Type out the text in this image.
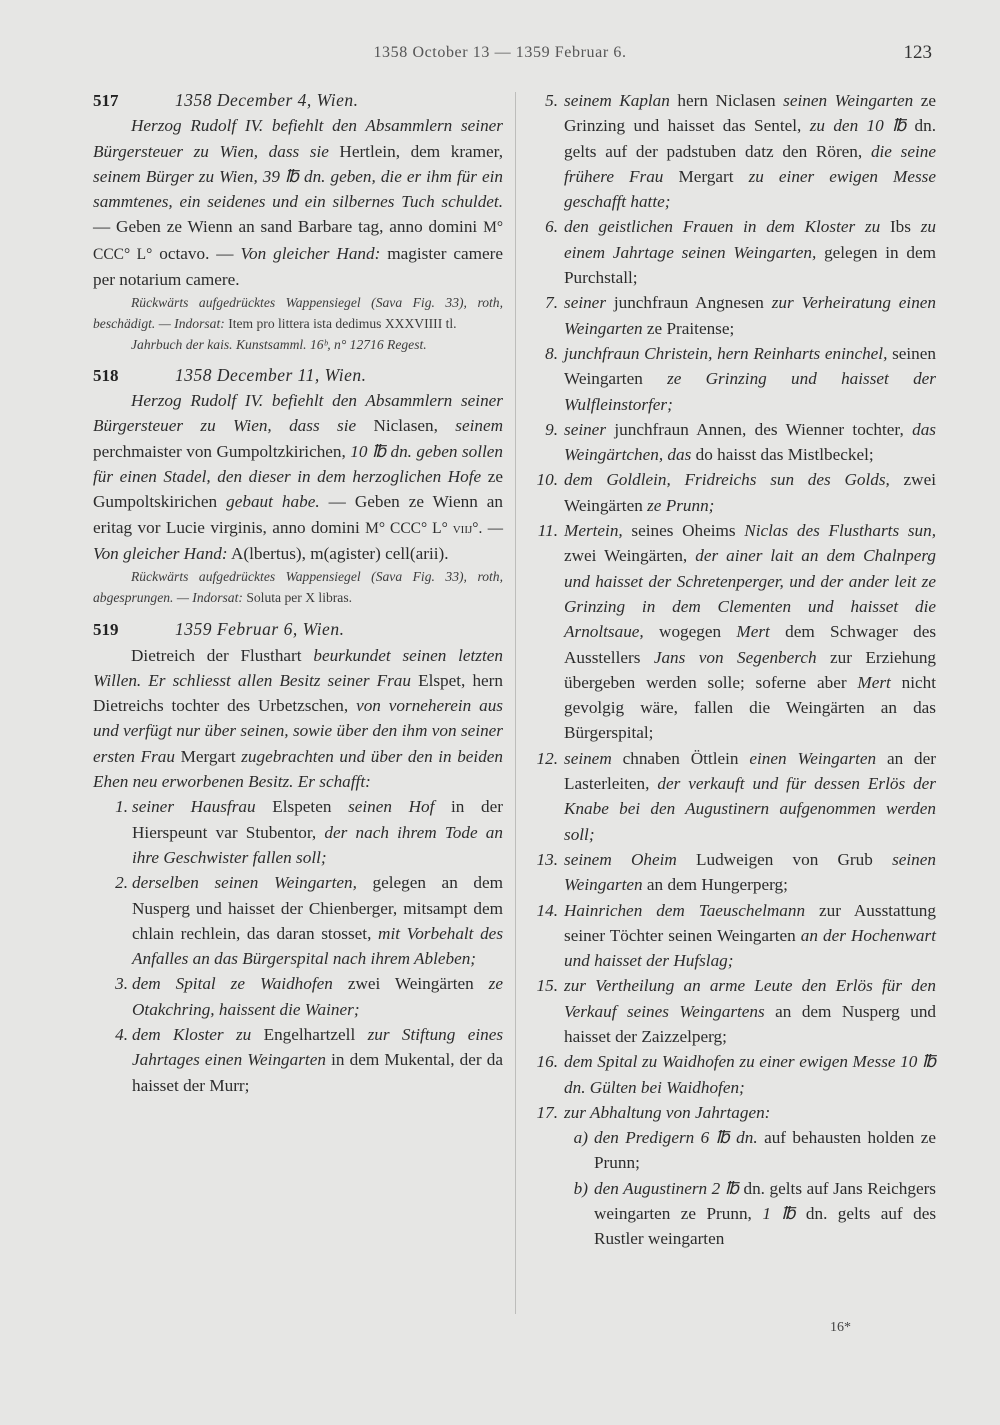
1358 October 13 — 1359 Februar 6.	123
517	1358 December 4, Wien.

Herzog Rudolf IV. befiehlt den Absammlern seiner Bürgersteuer zu Wien, dass sie Hertlein, dem kramer, seinem Bürger zu Wien, 39 ℔ dn. geben, die er ihm für ein sammtenes, ein seidenes und ein silbernes Tuch schuldet. — Geben ze Wienn an sand Barbare tag, anno domini M° CCC° L° octavo. — Von gleicher Hand: magister camere per notarium camere.

Rückwärts aufgedrücktes Wappensiegel (Sava Fig. 33), roth, beschädigt. — Indorsat: Item pro littera ista dedimus XXXVIIII tl.

Jahrbuch der kais. Kunstsamml. 16ᵇ, n° 12716 Regest.

518	1358 December 11, Wien.

Herzog Rudolf IV. befiehlt den Absammlern seiner Bürgersteuer zu Wien, dass sie Niclasen, seinem perchmaister von Gumpoltzkirichen, 10 ℔ dn. geben sollen für einen Stadel, den dieser in dem herzoglichen Hofe ze Gumpoltskirichen gebaut habe. — Geben ze Wienn an eritag vor Lucie virginis, anno domini M° CCC° L° viij°. — Von gleicher Hand: A(lbertus), m(agister) cell(arii).

Rückwärts aufgedrücktes Wappensiegel (Sava Fig. 33), roth, abgesprungen. — Indorsat: Soluta per X libras.

519	1359 Februar 6, Wien.

Dietreich der Flusthart beurkundet seinen letzten Willen. Er schliesst allen Besitz seiner Frau Elspet, hern Dietreichs tochter des Urbetzschen, von vorneherein aus und verfügt nur über seinen, sowie über den ihm von seiner ersten Frau Mergart zugebrachten und über den in beiden Ehen neu erworbenen Besitz. Er schafft:

1. seiner Hausfrau Elspeten seinen Hof in der Hierspeunt var Stubentor, der nach ihrem Tode an ihre Geschwister fallen soll;
2. derselben seinen Weingarten, gelegen an dem Nusperg und haisset der Chienberger, mitsampt dem chlain rechlein, das daran stosset, mit Vorbehalt des Anfalles an das Bürgerspital nach ihrem Ableben;
3. dem Spital ze Waidhofen zwei Weingärten ze Otakchring, haissent die Wainer;
4. dem Kloster zu Engelhartzell zur Stiftung eines Jahrtages einen Weingarten in dem Mukental, der da haisset der Murr;
5. seinem Kaplan hern Niclasen seinen Weingarten ze Grinzing und haisset das Sentel, zu den 10 ℔ dn. gelts auf der padstuben datz den Rören, die seine frühere Frau Mergart zu einer ewigen Messe geschafft hatte;
6. den geistlichen Frauen in dem Kloster zu Ibs zu einem Jahrtage seinen Weingarten, gelegen in dem Purchstall;
7. seiner junchfraun Angnesen zur Verheiratung einen Weingarten ze Praitense;
8. junchfraun Christein, hern Reinharts eninchel, seinen Weingarten ze Grinzing und haisset der Wulfleinstorfer;
9. seiner junchfraun Annen, des Wienner tochter, das Weingärtchen, das do haisst das Mistlbeckel;
10. dem Goldlein, Fridreichs sun des Golds, zwei Weingärten ze Prunn;
11. Mertein, seines Oheims Niclas des Flustharts sun, zwei Weingärten, der ainer lait an dem Chalnperg und haisset der Schretenperger, und der ander leit ze Grinzing in dem Clementen und haisset die Arnoltsaue, wogegen Mert dem Schwager des Ausstellers Jans von Segenberch zur Erziehung übergeben werden solle; soferne aber Mert nicht gevolgig wäre, fallen die Weingärten an das Bürgerspital;
12. seinem chnaben Öttlein einen Weingarten an der Lasterleiten, der verkauft und für dessen Erlös der Knabe bei den Augustinern aufgenommen werden soll;
13. seinem Oheim Ludweigen von Grub seinen Weingarten an dem Hungerperg;
14. Hainrichen dem Taeuschelmann zur Ausstattung seiner Töchter seinen Weingarten an der Hochenwart und haisset der Hufslag;
15. zur Vertheilung an arme Leute den Erlös für den Verkauf seines Weingartens an dem Nusperg und haisset der Zaizzelperg;
16. dem Spital zu Waidhofen zu einer ewigen Messe 10 ℔ dn. Gülten bei Waidhofen;
17. zur Abhaltung von Jahrtagen:
a) den Predigern 6 ℔ dn. auf behausten holden ze Prunn;
b) den Augustinern 2 ℔ dn. gelts auf Jans Reichgers weingarten ze Prunn, 1 ℔ dn. gelts auf des Rustler weingarten
16*
